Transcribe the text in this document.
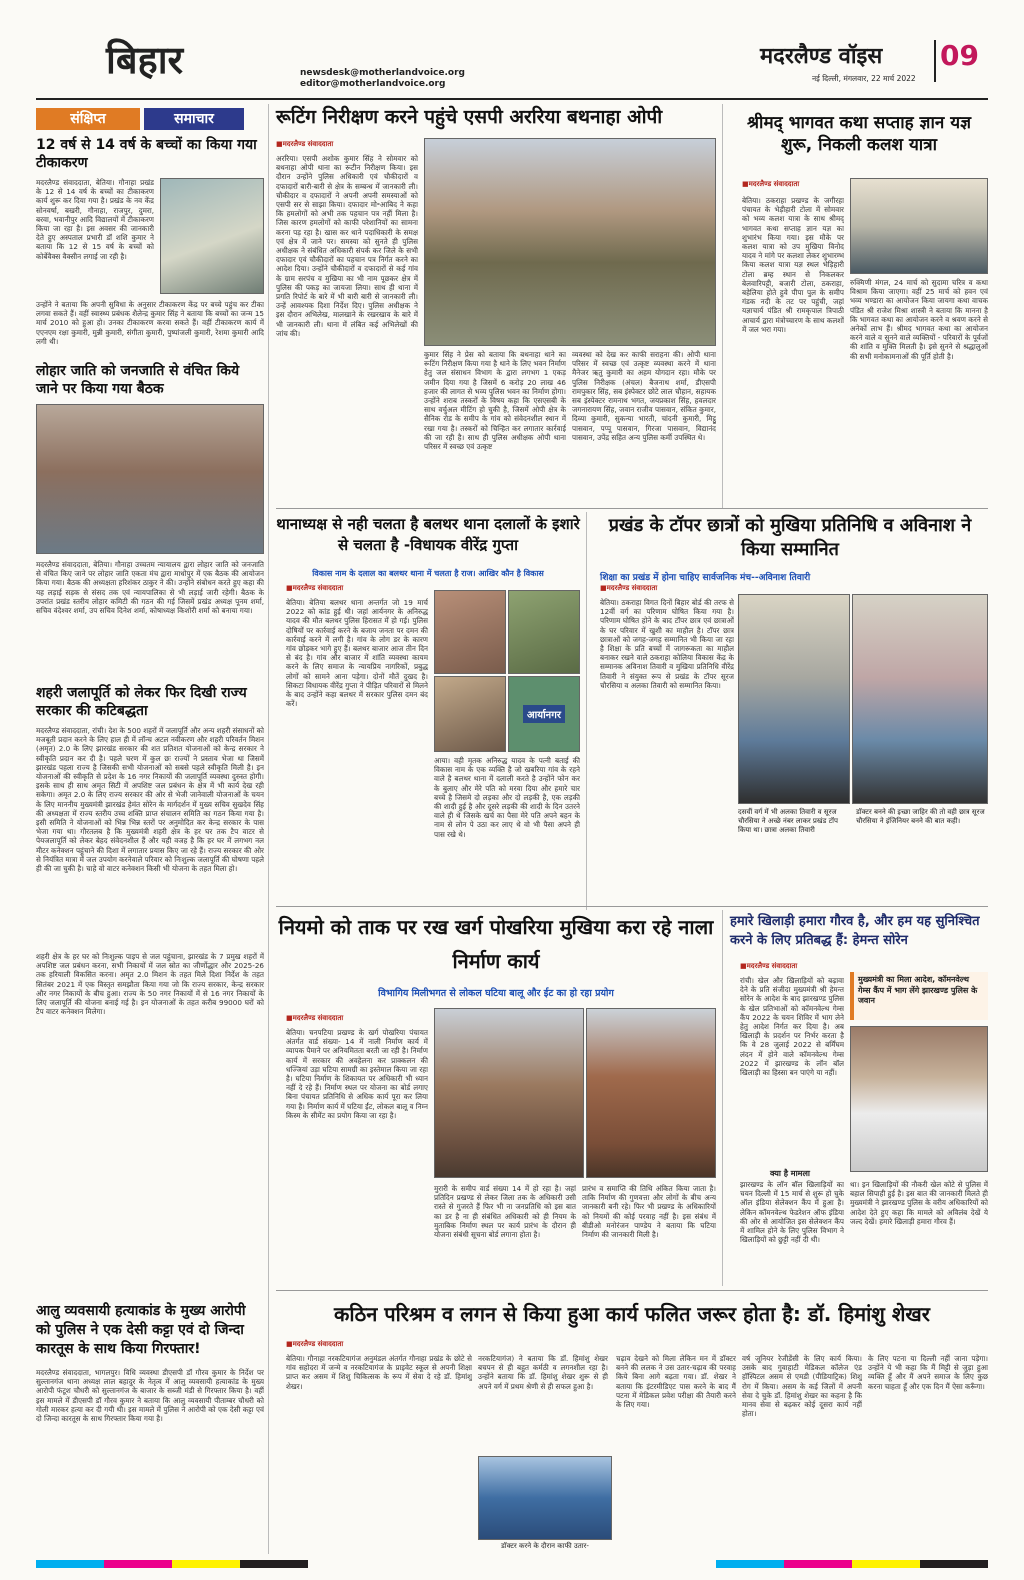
बिहार	newsdesk@motherlandvoice.org
editor@motherlandvoice.org
मदरलैण्ड वॉइस 09
नई दिल्ली, मंगलवार, 22 मार्च 2022
संक्षिप्त	समाचार
12 वर्ष से 14 वर्ष के बच्चों का किया गया टीकाकरण
मदरलैण्ड संवाददाता, बेतिया। गौनाहा प्रखंड के 12 से 14 वर्ष के बच्चों का टीकाकरण कार्य शुरू कर दिया गया है। प्रखंड के नव केंद्र सोनवर्षा, बखरी, गौनाहा, राजपुर, दुमरा, बरवा, भवानीपुर आदि विद्यालयों में टीकाकरण किया जा रहा है। इस अवसर की जानकारी देते हुए अस्पताल प्रभारी डॉ शशि कुमार ने बताया कि 12 से 15 वर्ष के बच्चों को कोर्बेवैक्स वैक्सीन लगाई जा रही है।
उन्होंने ने बताया कि अपनी सुविधा के अनुसार टीकाकरण केंद्र पर बच्चे पहुंच कर टीका लगवा सकते हैं। वहीं स्वास्थ्य प्रबंधक शैलेन्द्र कुमार सिंह ने बताया कि बच्चों का जन्म 15 मार्च 2010 को हुआ हो। उनका टीकाकरण करवा सकते हैं। वहीं टीकाकरण कार्य में एएनएम रक्षा कुमारी, मुन्नी कुमारी, संगीता कुमारी, पुष्पांजली कुमारी, रेशमा कुमारी आदि लगी थी।
लोहार जाति को जनजाति से वंचित किये जाने पर किया गया बैठक
मदरलैण्ड संवाददाता, बेतिया। गौनाहा उच्चतम न्यायालय द्वारा लोहार जाति को जनजाति से वंचित किए जाने पर लोहार जाति एकता मंच द्वारा माधोपुर में एक बैठक की आयोजन किया गया। बैठक की अध्यक्षता हरिशंकर ठाकुर ने की। उन्होंने संबोधन करते हुए कहा की यह लड़ाई सड़क से संसद तक एवं न्यायपालिका से भी लड़ाई जारी रहेगी। बैठक के उपरांत प्रखंड स्तरीय लोहार कमिटी की गठन की गई जिसमें प्रखंड अध्यक्ष पूनम शर्मा, सचिव वंदेश्वर शर्मा, उप सचिव दिनेश शर्मा, कोषाध्यक्ष किशोरी शर्मा को बनाया गया।
शहरी जलापूर्ति को लेकर फिर दिखी राज्य सरकार की कटिबद्धता
मदरलैण्ड संवाददाता, रांची। देश के 500 शहरों में जलापूर्ति और अन्य शहरी संसाधनों को मजबूती प्रदान करने के लिए हाल ही में लॉन्च अटल नवीकरण और शहरी परिवर्तन मिशन (अमृत) 2.0 के लिए झारखंड सरकार की शत प्रतिशत योजनाओं को केन्द्र सरकार ने स्वीकृति प्रदान कर दी है। पहले चरण में कुल छः राज्यों ने प्रस्ताव भेजा था जिसमें झारखंड पहला राज्य है जिसकी सभी योजनाओं को सबसे पहले स्वीकृति मिली है। इन योजनाओं की स्वीकृति से प्रदेश के 16 नगर निकायों की जलापूर्ति व्यवस्था दुरुस्त होगी। इसके साथ ही साथ अमृत सिटी में अपशिष्ट जल प्रबंधन के क्षेत्र में भी कार्य देख रही सकेगा। अमृत 2.0 के लिए राज्य सरकार की ओर से भेजी जानेवाली योजनाओं के चयन के लिए माननीय मुख्यमंत्री झारखंड हेमंत सोरेन के मार्गदर्शन में मुख्य सचिव सुखदेव सिंह की अध्यक्षता में राज्य स्तरीय उच्च शक्ति प्राप्त संचालन समिति का गठन किया गया है। इसी समिति ने योजनाओं को भिन्न भिन्न स्तरों पर अनुमोदित कर केन्द्र सरकार के पास भेजा गया था। गौरतलब है कि मुख्यमंत्री शहरी क्षेत्र के हर घर तक टैप वाटर से पेयजलापूर्ति को लेकर बेहद संवेदनशील हैं और यही वजह है कि हर घर में लगभग नल मीटर कनेक्शन पहुंचाने की दिशा में लगातार प्रयास किए जा रहे हैं। राज्य सरकार की ओर से नियंत्रित मात्रा में जल उपयोग करनेवाले परिवार को निःशुल्क जलापूर्ति की घोषणा पहले ही की जा चुकी है। चाहे वो वाटर कनेक्शन किसी भी योजना के तहत मिला हो।
शहरी क्षेत्र के हर घर को निःशुल्क पाइप से जल पहुंचाना, झारखंड के 7 प्रमुख शहरों में अपशिष्ट जल प्रबंधन करना, सभी निकायों में जल स्रोत का जीर्णोद्धार और 2025-26 तक हरियाली विकसित करना। अमृत 2.0 मिशन के तहत मिले दिशा निर्देश के तहत सितंबर 2021 में एक विस्तृत समझौता किया गया जो कि राज्य सरकार, केन्द्र सरकार और नगर निकायों के बीच हुआ। राज्य के 50 नगर निकायों में से 16 नगर निकायों के लिए जलापूर्ति की योजना बनाई गई है। इन योजनाओं के तहत करीब 99000 घरों को टैप वाटर कनेक्शन मिलेगा।
आलु व्यवसायी हत्याकांड के मुख्य आरोपी को पुलिस ने एक देसी कट्टा एवं दो जिन्दा कारतूस के साथ किया गिरफ्तार!
मदरलैण्ड संवाददाता, भागलपुर। विधि व्यवस्था डीएसपी डॉ गौरव कुमार के निर्देश पर सुल्तानगंज थाना अध्यक्ष लाल बहादुर के नेतृत्व में आलु व्यवसायी हत्याकांड के मुख्य आरोपी फंटूश चौधरी को सुल्तानगंज के बाजार के सब्जी मंडी से गिरफ्तार किया है। वहीं इस मामले में डीएसपी डॉ गौरव कुमार ने बताया कि आलु व्यवसायी पीताम्बर चौधरी को गोली मारकर हत्या कर दी गयी थी। इस मामले में पुलिस ने आरोपी को एक देसी कट्टा एवं दो जिन्दा कारतूस के साथ गिरफ्तार किया गया है।
रूटिंग निरीक्षण करने पहुंचे एसपी अररिया बथनाहा ओपी
■ मदरलैण्ड संवाददाता
अररिया। एसपी अशोक कुमार सिंह ने सोमवार को बथनाहा ओपी थाना का रूटीन निरीक्षण किया। इस दौरान उन्होंने पुलिस अधिकारी एवं चौकीदारों व दफादारों बारी-बारी से क्षेत्र के सम्बन्ध में जानकारी ली। चौकीदार व दफादारों ने अपनी अपनी समस्याओं को एसपी सर से साझा किया। दफादार मो॰आबिद ने कहा कि हमलोगों को अभी तक पहचान पत्र नहीं मिला है। जिस कारण हमलोगों को काफी परेशानियों का सामना करना पड़ रहा है। खास कर थाने पदाधिकारी के समक्ष एवं क्षेत्र में जाने पर। समस्या को सुनते ही पुलिस अधीक्षक ने संबंधित अधिकारी संपर्क कर जिले के सभी दफादार एवं चौकीदारों का पहचान पत्र निर्गत करने का आदेश दिया। उन्होंने चौकीदारों व दफादारों से कई गांव के ग्राम सरपंच व मुखिया का भी नाम पूछकर क्षेत्र में पुलिस की पकड़ का जायजा लिया। साथ ही थाना में प्रगति रिपोर्ट के बारे में भी बारी बारी से जानकारी ली। उन्हें आवश्यक दिशा निर्देश दिए। पुलिस अधीक्षक ने इस दौरान अभिलेख, मालखाने के रखरखाव के बारे में भी जानकारी ली। थाना में लंबित कई अभिलेखों की जांच की।
कुमार सिंह ने प्रेस को बताया कि बथनाहा थाने का रूटिंग निरीक्षण किया गया है थाने के लिए भवन निर्माण हेतु जल संसाधन विभाग के द्वारा लगभग 1 एकड़ जमीन दिया गया है जिसमें 6 करोड़ 20 लाख 46 हजार की लागत से भव्य पुलिस भवन का निर्माण होगा। उन्होंने शराब तस्करों के विषय कहा कि एसएसबी के साथ वर्चुअल मीटिंग हो चुकी है, जिसमें ओपी क्षेत्र के सैनिक रोड के समीप के गांव को संवेदनशील स्थान में रखा गया है। तस्करों को चिन्हित कर लगातार कार्रवाई की जा रही है। साथ ही पुलिस अधीक्षक ओपी थाना परिसर में स्वच्छ एवं उत्कृष्ट
व्यवस्था को देख कर काफी सराहना की। ओपी थाना परिसर में स्वच्छ एवं उत्कृष्ट व्यवस्था करने में थाना मैनेजर ऋतु कुमारी का अहम योगदान रहा। मौके पर पुलिस निरीक्षक (अंचल) बैजनाथ शर्मा, डीएसपी रामपुकार सिंह, सब इंस्पेक्टर छोटे लाल चौहान, सहायक सब इंस्पेक्टर रामनाथ भगत, जयप्रकाश सिंह, हवलदार जगनारायण सिंह, जवान राजीव पासवान, संकित कुमार, दिव्या कुमारी, सुकन्या भारती, चांदनी कुमारी, मिट्ठू पासवान, पप्पू पासवान, गिरजा पासवान, विद्यानंद पासवान, उपेंद्र सहित अन्य पुलिस कर्मी उपस्थित थे।
श्रीमद् भागवत कथा सप्ताह ज्ञान यज्ञ शुरू, निकली कलश यात्रा
■ मदरलैण्ड संवाददाता
बेतिया। ठकराहा प्रखण्ड के जगीरहा पंचायत के भेड़ीहारी टोला में सोमवार को भव्य कलश यात्रा के साथ श्रीमद् भागवत कथा सप्ताह ज्ञान यज्ञ का शुभारंभ किया गया। इस मौके पर कलश यात्रा को उप मुखिया विनोद यादव ने मांगे पर कलशा लेकर शुभारम्भ किया कलश यात्रा यज्ञ स्थल भेड़िहारी टोला ब्रम्ह स्थान से निकलकर बेलवारिपट्टी, बजारी टोला, ठकराहा, बहेलिया होते हुवे पीपा पुल के समीप गंडक नदी के तट पर पहुंची, जहां यज्ञाचार्य पंडित श्री रामकृपाल त्रिपाठी आचार्य द्वारा मंत्रोच्चारण के साथ कलशों में जल भरा गया।
रुक्मिणी मंगल, 24 मार्च को सुदामा चरित्र व कथा विश्राम किया जाएगा। वहीं 25 मार्च को हवन एवं भव्य भण्डारा का आयोजन किया जायगा कथा वाचक पंडित श्री राजेश मिश्रा शास्त्री ने बताया कि मानना है कि भागवत कथा का आयोजन करने व श्रवण करने से अनेकों लाभ हैं। श्रीमद भागवत कथा का आयोजन करने वाले व सुनने वाले व्यक्तियों - परिवारों के पूर्वजों की शांति व मुक्ति मिलती है। इसे सुनने से श्रद्धालुओं की सभी मनोकामनाओं की पूर्ति होती है।
थानाध्यक्ष से नही चलता है बलथर थाना दलालों के इशारे से चलता है -विधायक वीरेंद्र गुप्ता
विकास नाम के दलाल का बलथर थाना में चलता है राज। आखिर कौन है विकास
■ मदरलैण्ड संवाददाता
बेतिया। बेतिया बलथर थाना अन्तर्गत जो 19 मार्च 2022 को कांड हुई थी। जहां आर्यनगर के अनिरुद्ध यादव की मौत बलथर पुलिस हिरासत में हो गई। पुलिस दोषियों पर कार्रवाई करने के बजाय जनता पर दमन की कार्रवाई करने में लगी है। गांव के लोग डर के कारण गांव छोड़कर भागे हुए हैं। बलथर बाजार आज तीन दिन से बंद है। गांव और बाजार में शांति व्यवस्था कायम करने के लिए समाज के न्यायप्रिय नागरिकों, प्रबुद्ध लोगों को सामने आना पड़ेगा। दोनों मौतें दुखद है। सिकटा विधायक वीरेंद्र गुप्ता ने पीड़ित परिवारों से मिलने के बाद उन्होंने कहा बलथर में सरकार पुलिस दमन बंद करें।
आर्यानगर
आया। वही मृतक अनिरुद्ध यादव के पत्नी बताई की विकास नाम के एक व्यक्ति है जो खबरिया गांव के रहने वाले है बलथर थाना में दलाली करते है उन्होंने फोन कर के बुलाए और मेरे पति को मरवा दिया और हमारे चार बच्चे है जिसमे दो लड़का और दो लड़की है, एक लड़की की शादी हुई है और दूसरे लड़की की शादी के दिन उतरने वाले ही थे जिसके खर्च का पैसा मेरे पति अपने बहन के नाम से लोन पे उठा कर लाए थे वो भी पैसा अपने ही पास रखे थे।
प्रखंड के टॉपर छात्रों को मुखिया प्रतिनिधि व अविनाश ने किया सम्मानित
शिक्षा का प्रखंड में होना चाहिए सार्वजनिक मंच--अविनाश तिवारी
■ मदरलैण्ड संवाददाता
बेतिया। ठकराहा विगत दिनों बिहार बोर्ड की तरफ से 12वीं वर्ग का परिणाम घोषित किया गया है। परिणाम घोषित होने के बाद टॉपर छात्र एवं छात्राओं के घर परिवार में खुशी का माहौल है। टॉपर छात्र छात्राओं को जगह-जगह सम्मानित भी किया जा रहा है शिक्षा के प्रति बच्चों में जागरूकता का माहौल बनाकर रखने वाले ठकराहा कोलिया विकास केंद्र के सम्मानक अविनाश तिवारी व मुखिया प्रतिनिधि वीरेंद्र तिवारी ने संयुक्त रूप से प्रखंड के टॉपर सूरज चौरसिया व अलका तिवारी को सम्मानित किया।
दसवीं वर्ग में भी अलका तिवारी व सूरज चौरसिया ने अच्छे नंबर लाकर प्रखंड टॉप किया था। छात्रा अलका तिवारी
डॉक्टर बनने की इच्छा जाहिर की तो वही छात्र सूरज चौरसिया ने इंजिनियर बनने की बात कही।
नियमो को ताक पर रख खर्ग पोखरिया मुखिया करा रहे नाला निर्माण कार्य
विभागिय मिलीभगत से लोकल घटिया बालू और ईट का हो रहा प्रयोग
■ मदरलैण्ड संवाददाता
बेतिया। चनपटिया प्रखण्ड के खर्ग पोखरिया पंचायत अंतर्गत वार्ड संख्या- 14 में नाली निर्माण कार्य में व्यापक पैमाने पर अनियमितता बरती जा रही है। निर्माण कार्य में सरकार की अवहेलना कर प्राक्कलन की धज्जियां उड़ा घटिया सामग्री का इस्तेमाल किया जा रहा है। घटिया निर्माण के शिकायत पर अधिकारी भी ध्यान नहीं दे रहे हैं। निर्माण स्थल पर योजना का बोर्ड लगाए बिना पंचायत प्रतिनिधि से अधिक कार्य पूरा कर लिया गया है। निर्माण कार्य में घटिया ईंट, लोकल बालू व निम्न किस्म के सीमेंट का प्रयोग किया जा रहा है।
मुरारी के समीप वार्ड संख्या 14 में हो रहा है। जहां प्रतिदिन प्रखण्ड से लेकर जिला तक के अधिकारी उसी रास्ते से गुजरते हैं फिर भी ना जनप्रतिधि को इस बात का डर है ना ही संबंधित अधिकारी को ही नियम के मुताबिक निर्माण स्थल पर कार्य प्रारंभ के दौरान ही योजना संबंधी सूचना बोर्ड लगाना होता है।
प्रारंभ व समाप्ति की तिथि अंकित किया जाता है। ताकि निर्माण की गुणवत्ता और लोगों के बीच अन्य जानकारी बनी रहे। फिर भी प्रखण्ड के अधिकारियों को नियमों की कोई परवाह नहीं है। इस संबंध में बीडीओ मनोरंजन पाण्डेय ने बताया कि घटिया निर्माण की जानकारी मिली है।
हमारे खिलाड़ी हमारा गौरव है, और हम यह सुनिश्चित करने के लिए प्रतिबद्ध हैं: हेमन्त सोरेन
■ मदरलैण्ड संवाददाता
रांची। खेल और खिलाड़ियों को बढ़ावा देने के प्रति संजीदा मुख्यमंत्री श्री हेमन्त सोरेन के आदेश के बाद झारखण्ड पुलिस के खेल प्रतिभाओं को कॉमनवेल्थ गेम्स कैंप 2022 के चयन शिविर में भाग लेने हेतु आदेश निर्गत कर दिया है। अब खिलाड़ी के प्रदर्शन पर निर्भर करता है कि वे 28 जुलाई 2022 से बर्मिंघम लंदन में होने वाले कॉमनवेल्थ गेम्स 2022 में झारखण्ड के लॉन बॉल खिलाड़ी का हिस्सा बन पाएंगे या नहीं।
मुख्यमंत्री का मिला आदेश, कॉमनवेल्थ गेम्स कैंप में भाग लेंगे झारखण्ड पुलिस के जवान
क्या है मामला
झारखण्ड के लॉन बॉल खिलाड़ियों का चयन दिल्ली में 15 मार्च से शुरू हो चुके ऑल इंडिया सेलेक्शन कैंप में हुआ है। लेकिन कॉमनवेल्थ फेडरेशन ऑफ इंडिया की ओर से आयोजित इस सेलेक्शन कैंप में शामिल होने के लिए पुलिस विभाग ने खिलाड़ियों को छुट्टी नहीं दी थी।
था। इन खिलाड़ियों की नौकरी खेल कोटे से पुलिस में बहाल सिपाही हुई है। इस बात की जानकारी मिलते ही मुख्यमंत्री ने झारखण्ड पुलिस के वरीय अधिकारियों को आदेश देते हुए कहा कि मामले को अविलंब देखें ये जल्द देखें। हमारे खिलाड़ी हमारा गौरव हैं।
कठिन परिश्रम व लगन से किया हुआ कार्य फलित जरूर होता है: डॉ. हिमांशु शेखर
■ मदरलैण्ड संवाददाता
बेतिया। गौनाहा नरकटियागंज अनुमंडल अंतर्गत गौनाहा प्रखंड के छोटे से गांव सहोदरा में जन्मे व नरकटियागंज के प्राइवेट स्कूल से अपनी शिक्षा प्राप्त कर असम में शिशु चिकित्सक के रूप में सेवा दे रहे डॉ. हिमांशु शेखर।
नरकटियागंज) ने बताया कि डॉ. हिमांशु शेखर बचपन से ही बहुत कर्मठी व लगनशील रहा है। उन्होंने बताया कि डॉ. हिमांशु शेखर शुरू से ही अपने वर्ग में प्रथम श्रेणी से ही सफल हुआ है।
डॉक्टर करने के दौरान काफी उतार-
चढ़ाव देखने को मिला लेकिन मन में डॉक्टर बनने की ललक ने उस उतार-चढ़ाव की परवाह किये बिना आगे बढ़ता गया। डॉ. शेखर ने बताया कि इंटरमीडिएट पास करने के बाद मैं पटना में मेडिकल प्रवेश परीक्षा की तैयारी करने के लिए गया।
वर्ष जूनियर रेजीडेंसी के लिए कार्य किया। उसके बाद गुवाहाटी मेडिकल कॉलेज एंड हॉस्पिटल असम से एमडी (पीडियाट्रिक) शिशु रोग में किया। असम के कई जिलों में अपनी सेवा दे चुके डॉ. हिमांशु शेखर का कहना है कि मानव सेवा से बढ़कर कोई दूसरा कार्य नहीं होता।
के लिए पटना या दिल्ली नहीं जाना पड़ेगा। उन्होंने ये भी कहा कि मैं मिट्टी से जुड़ा हुआ व्यक्ति हूँ और मैं अपने समाज के लिए कुछ करना चाहता हूँ और एक दिन मैं ऐसा करूँगा।
